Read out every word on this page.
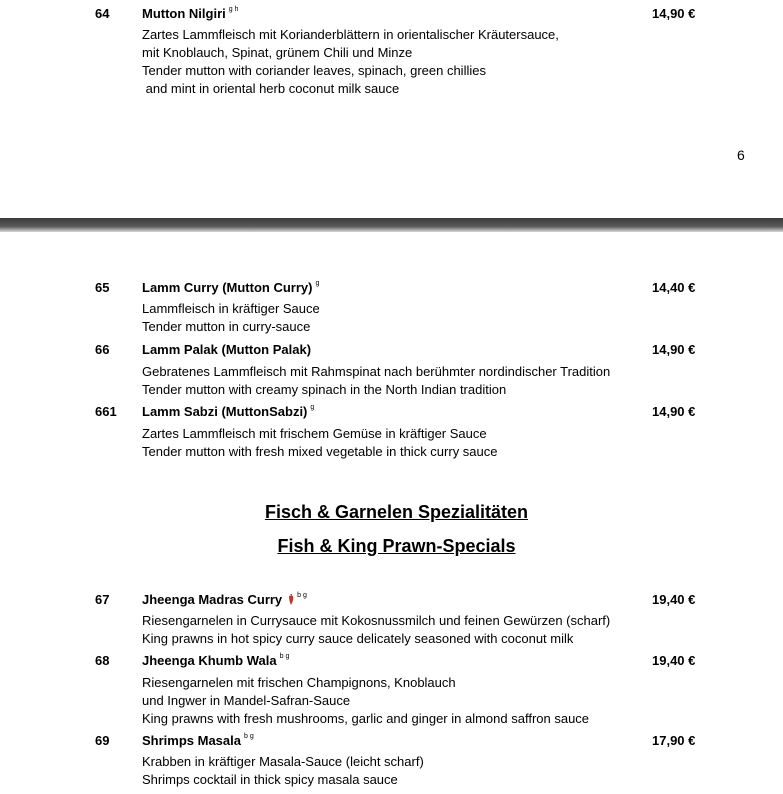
64	Mutton Nilgiri $^{g h}$	14,90 €
Zartes Lammfleisch mit Korianderblättern in orientalischer Kräutersauce,
mit Knoblauch, Spinat, grünem Chili und Minze
Tender mutton with coriander leaves, spinach, green chillies
and mint in oriental herb coconut milk sauce
6
65	Lamm Curry (Mutton Curry) $^g$	14,40 €
Lammfleisch in kräftiger Sauce
Tender mutton in curry-sauce
66	Lamm Palak (Mutton Palak)	14,90 €
Gebratenes Lammfleisch mit Rahmspinat nach berühmter nordindischer Tradition
Tender mutton with creamy spinach in the North Indian tradition
661 Lamm Sabzi (MuttonSabzi) $^g$	14,90 €
Zartes Lammfleisch mit frischem Gemüse in kräftiger Sauce
Tender mutton with fresh mixed vegetable in thick curry sauce
Fisch & Garnelen Spezialitäten
Fish & King Prawn-Specials
67	Jheenga Madras Curry $^{b g}$	19,40 €
Riesengarnelen in Currysauce mit Kokosnussmilch und feinen Gewürzen (scharf)
King prawns in hot spicy curry sauce delicately seasoned with coconut milk
68	Jheenga Khumb Wala $^{b g}$	19,40 €
Riesengarnelen mit frischen Champignons, Knoblauch
und Ingwer in Mandel-Safran-Sauce
King prawns with fresh mushrooms, garlic and ginger in almond saffron sauce
69	Shrimps Masala $^{b g}$	17,90 €
Krabben in kräftiger Masala-Sauce (leicht scharf)
Shrimps cocktail in thick spicy masala sauce
